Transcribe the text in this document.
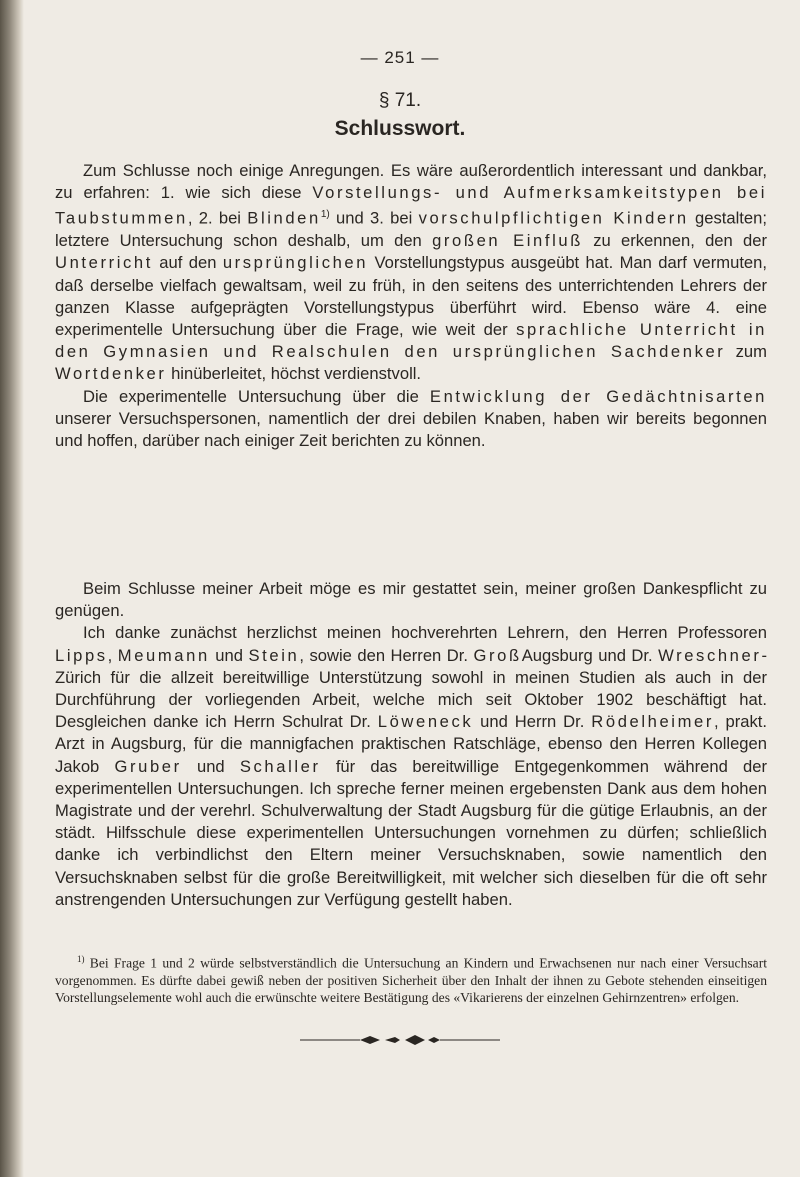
— 251 —
§ 71.
Schlusswort.

Zum Schlusse noch einige Anregungen. Es wäre außerordentlich interessant und dankbar, zu erfahren: 1. wie sich diese Vorstellungs- und Aufmerksamkeitstypen bei Taubstummen, 2. bei Blinden$^{1)}$ und 3. bei vorschulpflichtigen Kindern gestalten; letztere Untersuchung schon deshalb, um den großen Einfluß zu erkennen, den der Unterricht auf den ursprünglichen Vorstellungstypus ausgeübt hat. Man darf vermuten, daß derselbe vielfach gewaltsam, weil zu früh, in den seitens des unterrichtenden Lehrers der ganzen Klasse aufgeprägten Vorstellungstypus überführt wird. Ebenso wäre 4. eine experimentelle Untersuchung über die Frage, wie weit der sprachliche Unterricht in den Gymnasien und Realschulen den ursprünglichen Sachdenker zum Wortdenker hinüberleitet, höchst verdienstvoll.

Die experimentelle Untersuchung über die Entwicklung der Gedächtnisarten unserer Versuchspersonen, namentlich der drei debilen Knaben, haben wir bereits begonnen und hoffen, darüber nach einiger Zeit berichten zu können.

Beim Schlusse meiner Arbeit möge es mir gestattet sein, meiner großen Dankespflicht zu genügen.

Ich danke zunächst herzlichst meinen hochverehrten Lehrern, den Herren Professoren Lipps, Meumann und Stein, sowie den Herren Dr. GroßAugsburg und Dr. Wreschner-Zürich für die allzeit bereitwillige Unterstützung sowohl in meinen Studien als auch in der Durchführung der vorliegenden Arbeit, welche mich seit Oktober 1902 beschäftigt hat. Desgleichen danke ich Herrn Schulrat Dr. Löweneck und Herrn Dr. Rödelheimer, prakt. Arzt in Augsburg, für die mannigfachen praktischen Ratschläge, ebenso den Herren Kollegen Jakob Gruber und Schaller für das bereitwillige Entgegenkommen während der experimentellen Untersuchungen. Ich spreche ferner meinen ergebensten Dank aus dem hohen Magistrate und der verehrl. Schulverwaltung der Stadt Augsburg für die gütige Erlaubnis, an der städt. Hilfsschule diese experimentellen Untersuchungen vornehmen zu dürfen; schließlich danke ich verbindlichst den Eltern meiner Versuchsknaben, sowie namentlich den Versuchsknaben selbst für die große Bereitwilligkeit, mit welcher sich dieselben für die oft sehr anstrengenden Untersuchungen zur Verfügung gestellt haben.

$^{1)}$ Bei Frage 1 und 2 würde selbstverständlich die Untersuchung an Kindern und Erwachsenen nur nach einer Versuchsart vorgenommen. Es dürfte dabei gewiß neben der positiven Sicherheit über den Inhalt der ihnen zu Gebote stehenden einseitigen Vorstellungselemente wohl auch die erwünschte weitere Bestätigung des «Vikarierens der einzelnen Gehirnzentren» erfolgen.
